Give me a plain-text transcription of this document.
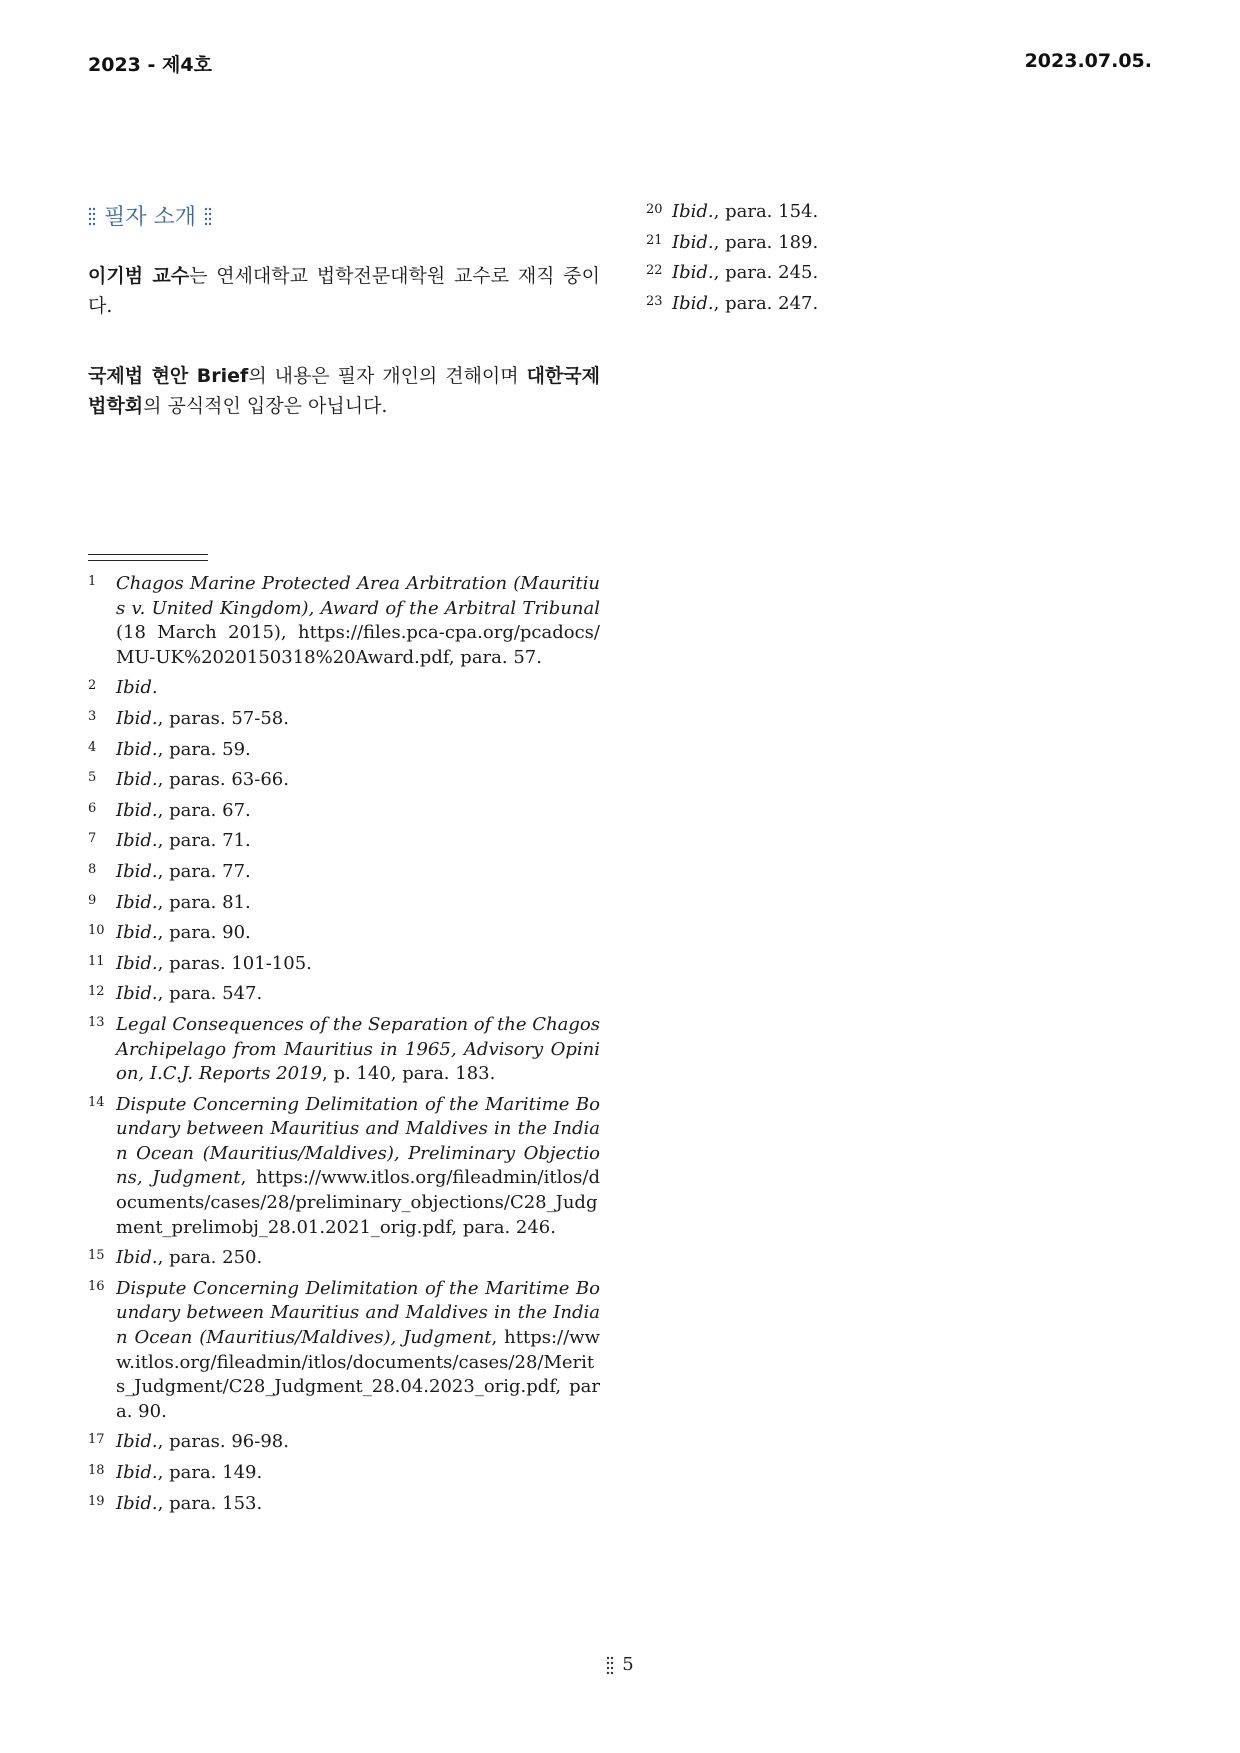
2023 - 제4호	2023.07.05.
필자 소개
이기범 교수는 연세대학교 법학전문대학원 교수로 재직 중이다.
국제법 현안 Brief의 내용은 필자 개인의 견해이며 대한국제법학회의 공식적인 입장은 아닙니다.
1 Chagos Marine Protected Area Arbitration (Mauritius v. United Kingdom), Award of the Arbitral Tribunal (18 March 2015), https://files.pca-cpa.org/pcadocs/MU-UK%2020150318%20Award.pdf, para. 57.
2 Ibid.
3 Ibid., paras. 57-58.
4 Ibid., para. 59.
5 Ibid., paras. 63-66.
6 Ibid., para. 67.
7 Ibid., para. 71.
8 Ibid., para. 77.
9 Ibid., para. 81.
10 Ibid., para. 90.
11 Ibid., paras. 101-105.
12 Ibid., para. 547.
13 Legal Consequences of the Separation of the Chagos Archipelago from Mauritius in 1965, Advisory Opinion, I.C.J. Reports 2019, p. 140, para. 183.
14 Dispute Concerning Delimitation of the Maritime Boundary between Mauritius and Maldives in the Indian Ocean (Mauritius/Maldives), Preliminary Objections, Judgment, https://www.itlos.org/fileadmin/itlos/documents/cases/28/preliminary_objections/C28_Judgment_prelimobj_28.01.2021_orig.pdf, para. 246.
15 Ibid., para. 250.
16 Dispute Concerning Delimitation of the Maritime Boundary between Mauritius and Maldives in the Indian Ocean (Mauritius/Maldives), Judgment, https://www.itlos.org/fileadmin/itlos/documents/cases/28/Merits_Judgment/C28_Judgment_28.04.2023_orig.pdf, para. 90.
17 Ibid., paras. 96-98.
18 Ibid., para. 149.
19 Ibid., para. 153.
20 Ibid., para. 154.
21 Ibid., para. 189.
22 Ibid., para. 245.
23 Ibid., para. 247.
5
